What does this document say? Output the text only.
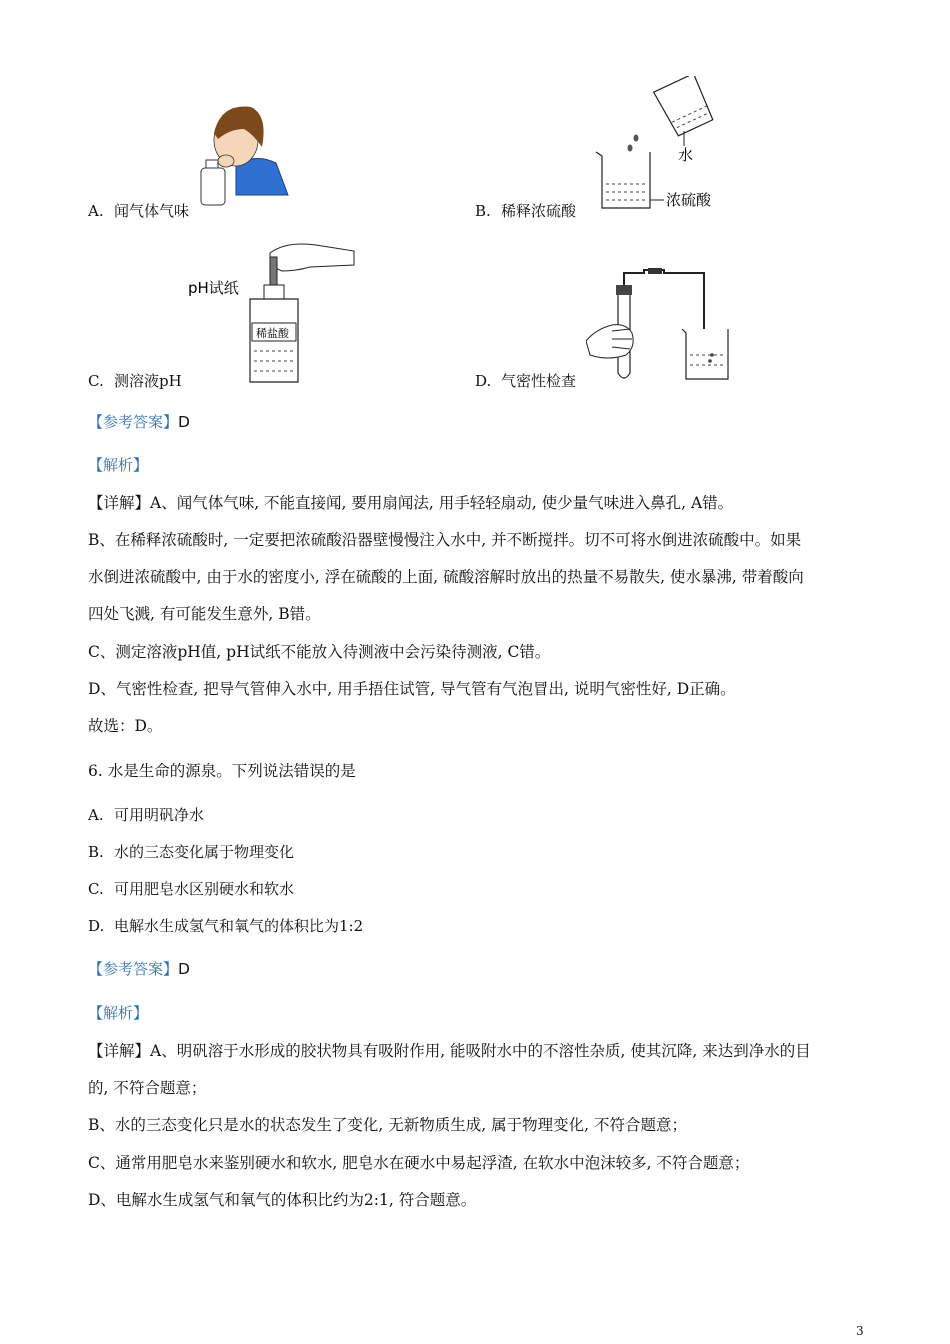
水
浓硫酸
稀盐酸
pH试纸
A. 闻气体气味	B. 稀释浓硫酸
C. 测溶液pH	D. 气密性检查
【参考答案】D
【解析】
【详解】A、闻气体气味, 不能直接闻, 要用扇闻法, 用手轻轻扇动, 使少量气味进入鼻孔, A错。
B、在稀释浓硫酸时, 一定要把浓硫酸沿器壁慢慢注入水中, 并不断搅拌。切不可将水倒进浓硫酸中。如果
水倒进浓硫酸中, 由于水的密度小, 浮在硫酸的上面, 硫酸溶解时放出的热量不易散失, 使水暴沸, 带着酸向
四处飞溅, 有可能发生意外, B错。
C、测定溶液pH值, pH试纸不能放入待测液中会污染待测液, C错。
D、气密性检查, 把导气管伸入水中, 用手捂住试管, 导气管有气泡冒出, 说明气密性好, D正确。
故选：D。
6. 水是生命的源泉。下列说法错误的是
A. 可用明矾净水
B. 水的三态变化属于物理变化
C. 可用肥皂水区别硬水和软水
D. 电解水生成氢气和氧气的体积比为1:2
【参考答案】D
【解析】
【详解】A、明矾溶于水形成的胶状物具有吸附作用, 能吸附水中的不溶性杂质, 使其沉降, 来达到净水的目
的, 不符合题意；
B、水的三态变化只是水的状态发生了变化, 无新物质生成, 属于物理变化, 不符合题意；
C、通常用肥皂水来鉴别硬水和软水, 肥皂水在硬水中易起浮渣, 在软水中泡沫较多, 不符合题意；
D、电解水生成氢气和氧气的体积比约为2:1, 符合题意。
3
